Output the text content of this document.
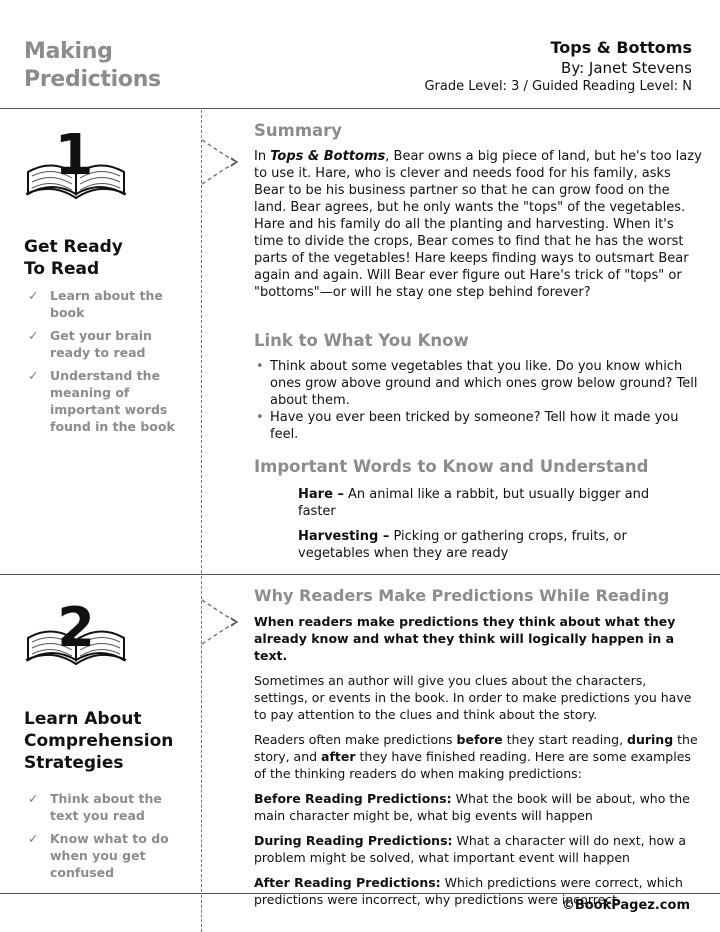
Making
Predictions
Tops & Bottoms
By: Janet Stevens
Grade Level: 3 / Guided Reading Level: N
1
Get Ready
To Read
✓ Learn about the book
✓ Get your brain ready to read
✓ Understand the meaning of important words found in the book
Summary
In Tops & Bottoms, Bear owns a big piece of land, but he's too lazy to use it. Hare, who is clever and needs food for his family, asks Bear to be his business partner so that he can grow food on the land. Bear agrees, but he only wants the "tops" of the vegetables. Hare and his family do all the planting and harvesting. When it's time to divide the crops, Bear comes to find that he has the worst parts of the vegetables! Hare keeps finding ways to outsmart Bear again and again. Will Bear ever figure out Hare's trick of "tops" or "bottoms"—or will he stay one step behind forever?
Link to What You Know
• Think about some vegetables that you like. Do you know which ones grow above ground and which ones grow below ground? Tell about them.
• Have you ever been tricked by someone? Tell how it made you feel.
Important Words to Know and Understand
Hare – An animal like a rabbit, but usually bigger and faster
Harvesting – Picking or gathering crops, fruits, or vegetables when they are ready
2
Learn About
Comprehension
Strategies
✓ Think about the text you read
✓ Know what to do when you get confused
Why Readers Make Predictions While Reading
When readers make predictions they think about what they already know and what they think will logically happen in a text.
Sometimes an author will give you clues about the characters, settings, or events in the book. In order to make predictions you have to pay attention to the clues and think about the story.
Readers often make predictions before they start reading, during the story, and after they have finished reading. Here are some examples of the thinking readers do when making predictions:
Before Reading Predictions: What the book will be about, who the main character might be, what big events will happen
During Reading Predictions: What a character will do next, how a problem might be solved, what important event will happen
After Reading Predictions: Which predictions were correct, which predictions were incorrect, why predictions were incorrect
©BookPagez.com
